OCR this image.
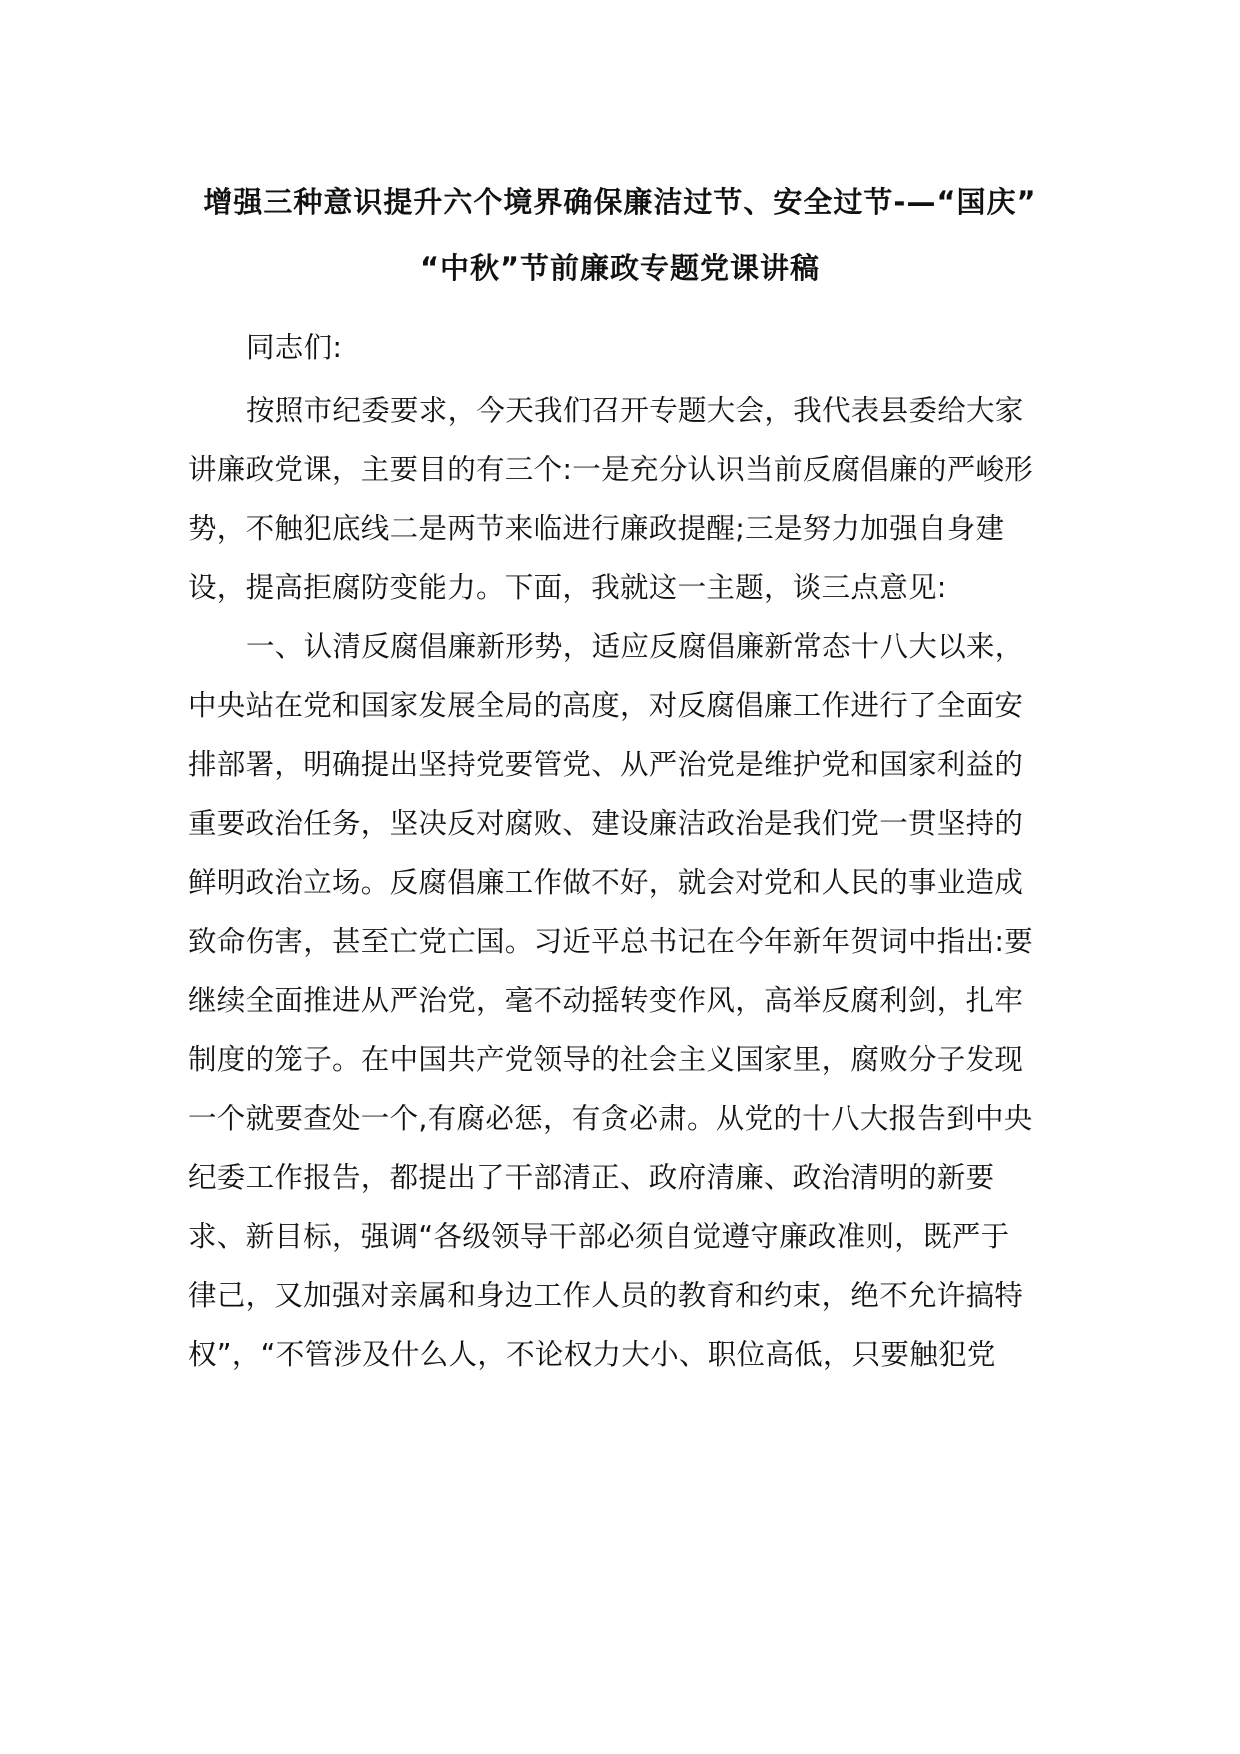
增强三种意识提升六个境界确保廉洁过节、安全过节-—“国庆”
“中秋”节前廉政专题党课讲稿
同志们:
按照市纪委要求，今天我们召开专题大会，我代表县委给大家
讲廉政党课，主要目的有三个:一是充分认识当前反腐倡廉的严峻形
势，不触犯底线二是两节来临进行廉政提醒;三是努力加强自身建
设，提高拒腐防变能力。下面，我就这一主题，谈三点意见:
一、认清反腐倡廉新形势，适应反腐倡廉新常态十八大以来，
中央站在党和国家发展全局的高度，对反腐倡廉工作进行了全面安
排部署，明确提出坚持党要管党、从严治党是维护党和国家利益的
重要政治任务，坚决反对腐败、建设廉洁政治是我们党一贯坚持的
鲜明政治立场。反腐倡廉工作做不好，就会对党和人民的事业造成
致命伤害，甚至亡党亡国。习近平总书记在今年新年贺词中指出:要
继续全面推进从严治党，毫不动摇转变作风，高举反腐利剑，扎牢
制度的笼子。在中国共产党领导的社会主义国家里，腐败分子发现
一个就要查处一个,有腐必惩，有贪必肃。从党的十八大报告到中央
纪委工作报告，都提出了干部清正、政府清廉、政治清明的新要
求、新目标，强调“各级领导干部必须自觉遵守廉政准则，既严于
律己，又加强对亲属和身边工作人员的教育和约束，绝不允许搞特
权”，“不管涉及什么人，不论权力大小、职位高低，只要触犯党
